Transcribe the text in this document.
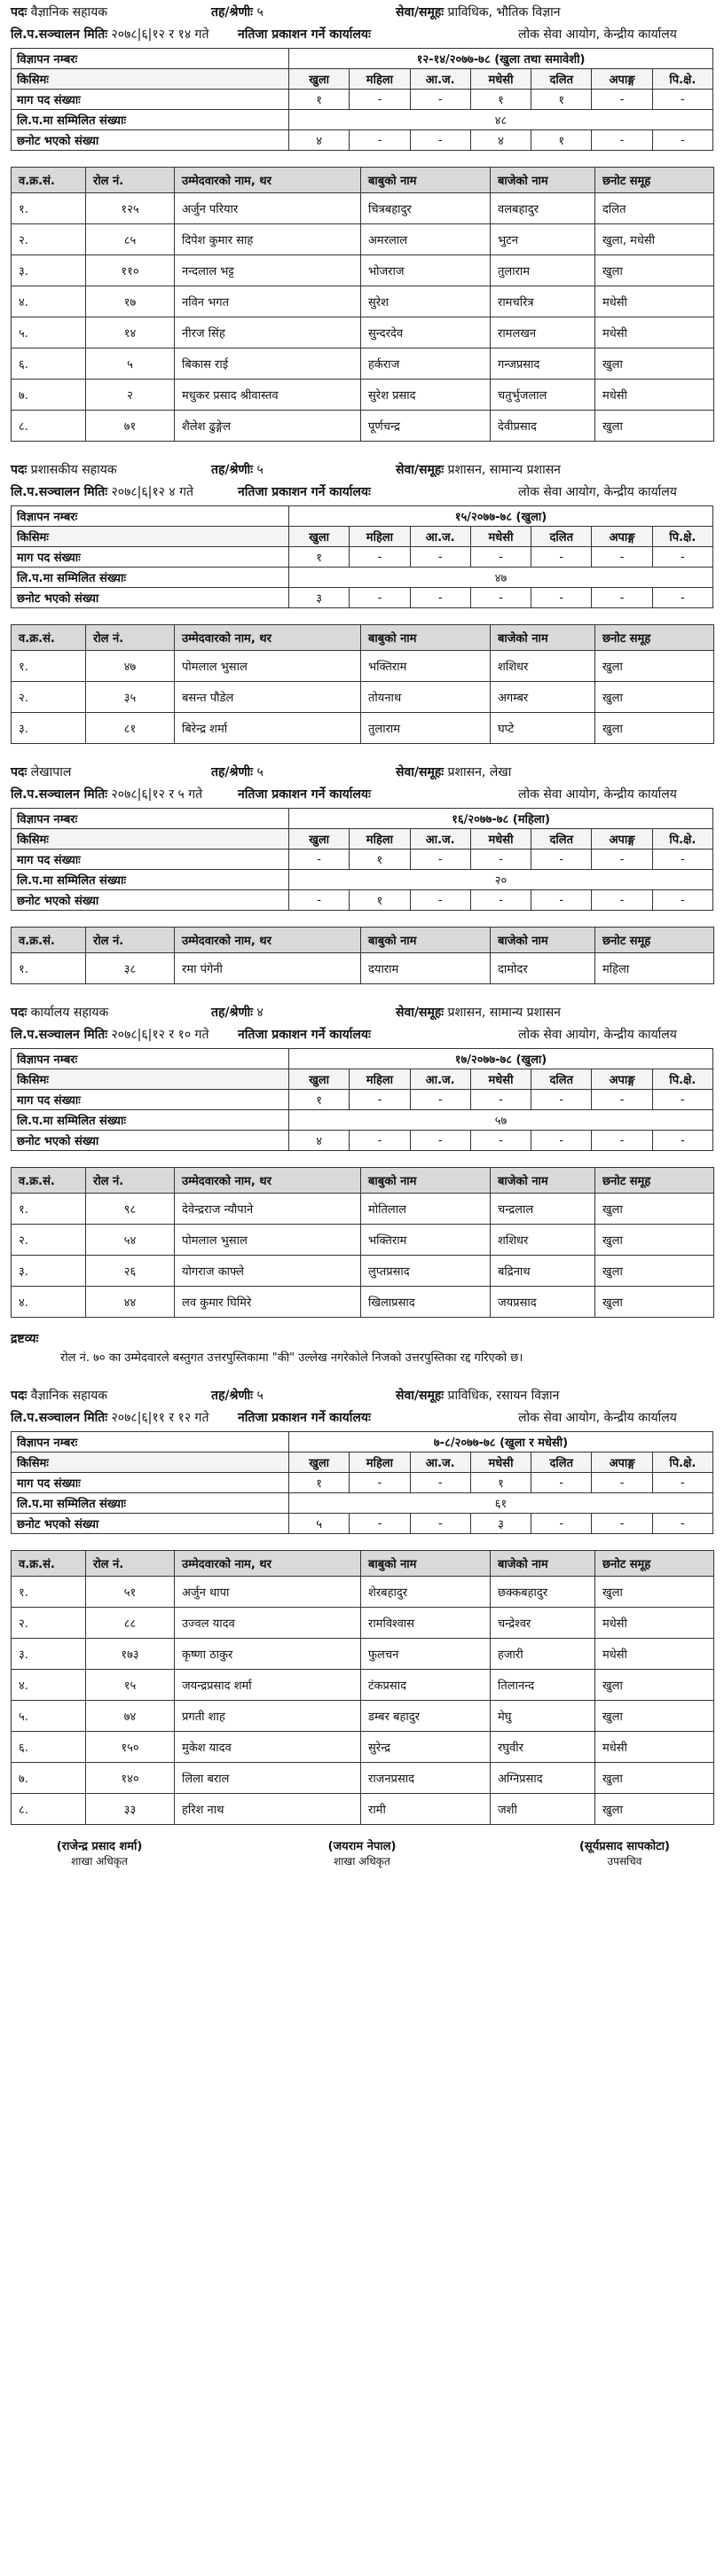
पदः वैज्ञानिक सहायक	तह/श्रेणीः ५	सेवा/समूहः प्राविधिक, भौतिक विज्ञान
लि.प.सञ्चालन मितिः २०७८|६|१२ र १४ गते	नतिजा प्रकाशन गर्ने कार्यालयः	लोक सेवा आयोग, केन्द्रीय कार्यालय
विज्ञापन नम्बरः	१२-१४/२०७७-७८ (खुला तथा समावेशी)						
किसिमः	खुला	महिला	आ.ज.	मधेसी	दलित	अपाङ्ग	पि.क्षे.
माग पद संख्याः	१	-	-	१	१	-	-
लि.प.मा सम्मिलित संख्याः	४८						
छनोट भएको संख्या	४	-	-	४	१	-	-
व.क्र.सं.	रोल नं.	उम्मेदवारको नाम, थर	बाबुको नाम	बाजेको नाम	छनोट समूह
१.	१२५	अर्जुन परियार	चित्रबहादुर	वलबहादुर	दलित
२.	८५	दिपेश कुमार साह	अमरलाल	भुटन	खुला, मधेसी
३.	११०	नन्दलाल भट्ट	भोजराज	तुलाराम	खुला
४.	१७	नविन भगत	सुरेश	रामचरित्र	मधेसी
५.	१४	नीरज सिंह	सुन्दरदेव	रामलखन	मधेसी
६.	५	बिकास राई	हर्कराज	गन्जप्रसाद	खुला
७.	२	मधुकर प्रसाद श्रीवास्तव	सुरेश प्रसाद	चतुर्भुजलाल	मधेसी
८.	७१	शैलेश ढुङ्गेल	पूर्णचन्द्र	देवीप्रसाद	खुला
पदः प्रशासकीय सहायक	तह/श्रेणीः ५	सेवा/समूहः प्रशासन, सामान्य प्रशासन
लि.प.सञ्चालन मितिः २०७८|६|१२ ४ गते	नतिजा प्रकाशन गर्ने कार्यालयः	लोक सेवा आयोग, केन्द्रीय कार्यालय
विज्ञापन नम्बरः	१५/२०७७-७८ (खुला)						
किसिमः	खुला	महिला	आ.ज.	मधेसी	दलित	अपाङ्ग	पि.क्षे.
माग पद संख्याः	१	-	-	-	-	-	-
लि.प.मा सम्मिलित संख्याः	४७						
छनोट भएको संख्या	३	-	-	-	-	-	-
व.क्र.सं.	रोल नं.	उम्मेदवारको नाम, थर	बाबुको नाम	बाजेको नाम	छनोट समूह
१.	४७	पोमलाल भुसाल	भक्तिराम	शशिधर	खुला
२.	३५	बसन्त पौडेल	तोयनाथ	अगम्बर	खुला
३.	८१	बिरेन्द्र शर्मा	तुलाराम	घप्टे	खुला
पदः लेखापाल	तह/श्रेणीः ५	सेवा/समूहः प्रशासन, लेखा
लि.प.सञ्चालन मितिः २०७८|६|१२ र ५ गते	नतिजा प्रकाशन गर्ने कार्यालयः	लोक सेवा आयोग, केन्द्रीय कार्यालय
विज्ञापन नम्बरः	१६/२०७७-७८ (महिला)						
किसिमः	खुला	महिला	आ.ज.	मधेसी	दलित	अपाङ्ग	पि.क्षे.
माग पद संख्याः	-	१	-	-	-	-	-
लि.प.मा सम्मिलित संख्याः	२०						
छनोट भएको संख्या	-	१	-	-	-	-	-
व.क्र.सं.	रोल नं.	उम्मेदवारको नाम, थर	बाबुको नाम	बाजेको नाम	छनोट समूह
१.	३८	रमा पंगेनी	दयाराम	दामोदर	महिला
पदः कार्यालय सहायक	तह/श्रेणीः ४	सेवा/समूहः प्रशासन, सामान्य प्रशासन
लि.प.सञ्चालन मितिः २०७८|६|१२ र १० गते	नतिजा प्रकाशन गर्ने कार्यालयः	लोक सेवा आयोग, केन्द्रीय कार्यालय
विज्ञापन नम्बरः	१७/२०७७-७८ (खुला)						
किसिमः	खुला	महिला	आ.ज.	मधेसी	दलित	अपाङ्ग	पि.क्षे.
माग पद संख्याः	१	-	-	-	-	-	-
लि.प.मा सम्मिलित संख्याः	५७						
छनोट भएको संख्या	४	-	-	-	-	-	-
व.क्र.सं.	रोल नं.	उम्मेदवारको नाम, थर	बाबुको नाम	बाजेको नाम	छनोट समूह
१.	९८	देवेन्द्रराज न्यौपाने	मोतिलाल	चन्द्रलाल	खुला
२.	५४	पोमलाल भुसाल	भक्तिराम	शशिधर	खुला
३.	२६	योगराज काफ्ले	लुप्तप्रसाद	बद्रिनाथ	खुला
४.	४४	लव कुमार घिमिरे	खिलाप्रसाद	जयप्रसाद	खुला
द्रष्टव्यः
रोल नं. ७० का उम्मेदवारले बस्तुगत उत्तरपुस्तिकामा "की" उल्लेख नगरेकोले निजको उत्तरपुस्तिका रद्द गरिएको छ।
पदः वैज्ञानिक सहायक	तह/श्रेणीः ५	सेवा/समूहः प्राविधिक, रसायन विज्ञान
लि.प.सञ्चालन मितिः २०७८|६|११ र १२ गते	नतिजा प्रकाशन गर्ने कार्यालयः	लोक सेवा आयोग, केन्द्रीय कार्यालय
विज्ञापन नम्बरः	७-८/२०७७-७८ (खुला र मधेसी)						
किसिमः	खुला	महिला	आ.ज.	मधेसी	दलित	अपाङ्ग	पि.क्षे.
माग पद संख्याः	१	-	-	१	-	-	-
लि.प.मा सम्मिलित संख्याः	६१						
छनोट भएको संख्या	५	-	-	३	-	-	-
व.क्र.सं.	रोल नं.	उम्मेदवारको नाम, थर	बाबुको नाम	बाजेको नाम	छनोट समूह
१.	५१	अर्जुन थापा	शेरबहादुर	छक्कबहादुर	खुला
२.	८८	उज्वल यादव	रामविश्वास	चन्द्रेश्वर	मधेसी
३.	१७३	कृष्णा ठाकुर	फुलचन	हजारी	मधेसी
४.	१५	जयन्द्रप्रसाद शर्मा	टंकप्रसाद	तिलानन्द	खुला
५.	७४	प्रगती शाह	डम्बर बहादुर	मेघु	खुला
६.	१५०	मुकेश यादव	सुरेन्द्र	रघुवीर	मधेसी
७.	१४०	लिला बराल	राजनप्रसाद	अग्निप्रसाद	खुला
८.	३३	हरिश नाथ	रामी	जशी	खुला
(राजेन्द्र प्रसाद शर्मा)
शाखा अधिकृत
(जयराम नेपाल)
शाखा अधिकृत
(सूर्यप्रसाद सापकोटा)
उपसचिव
